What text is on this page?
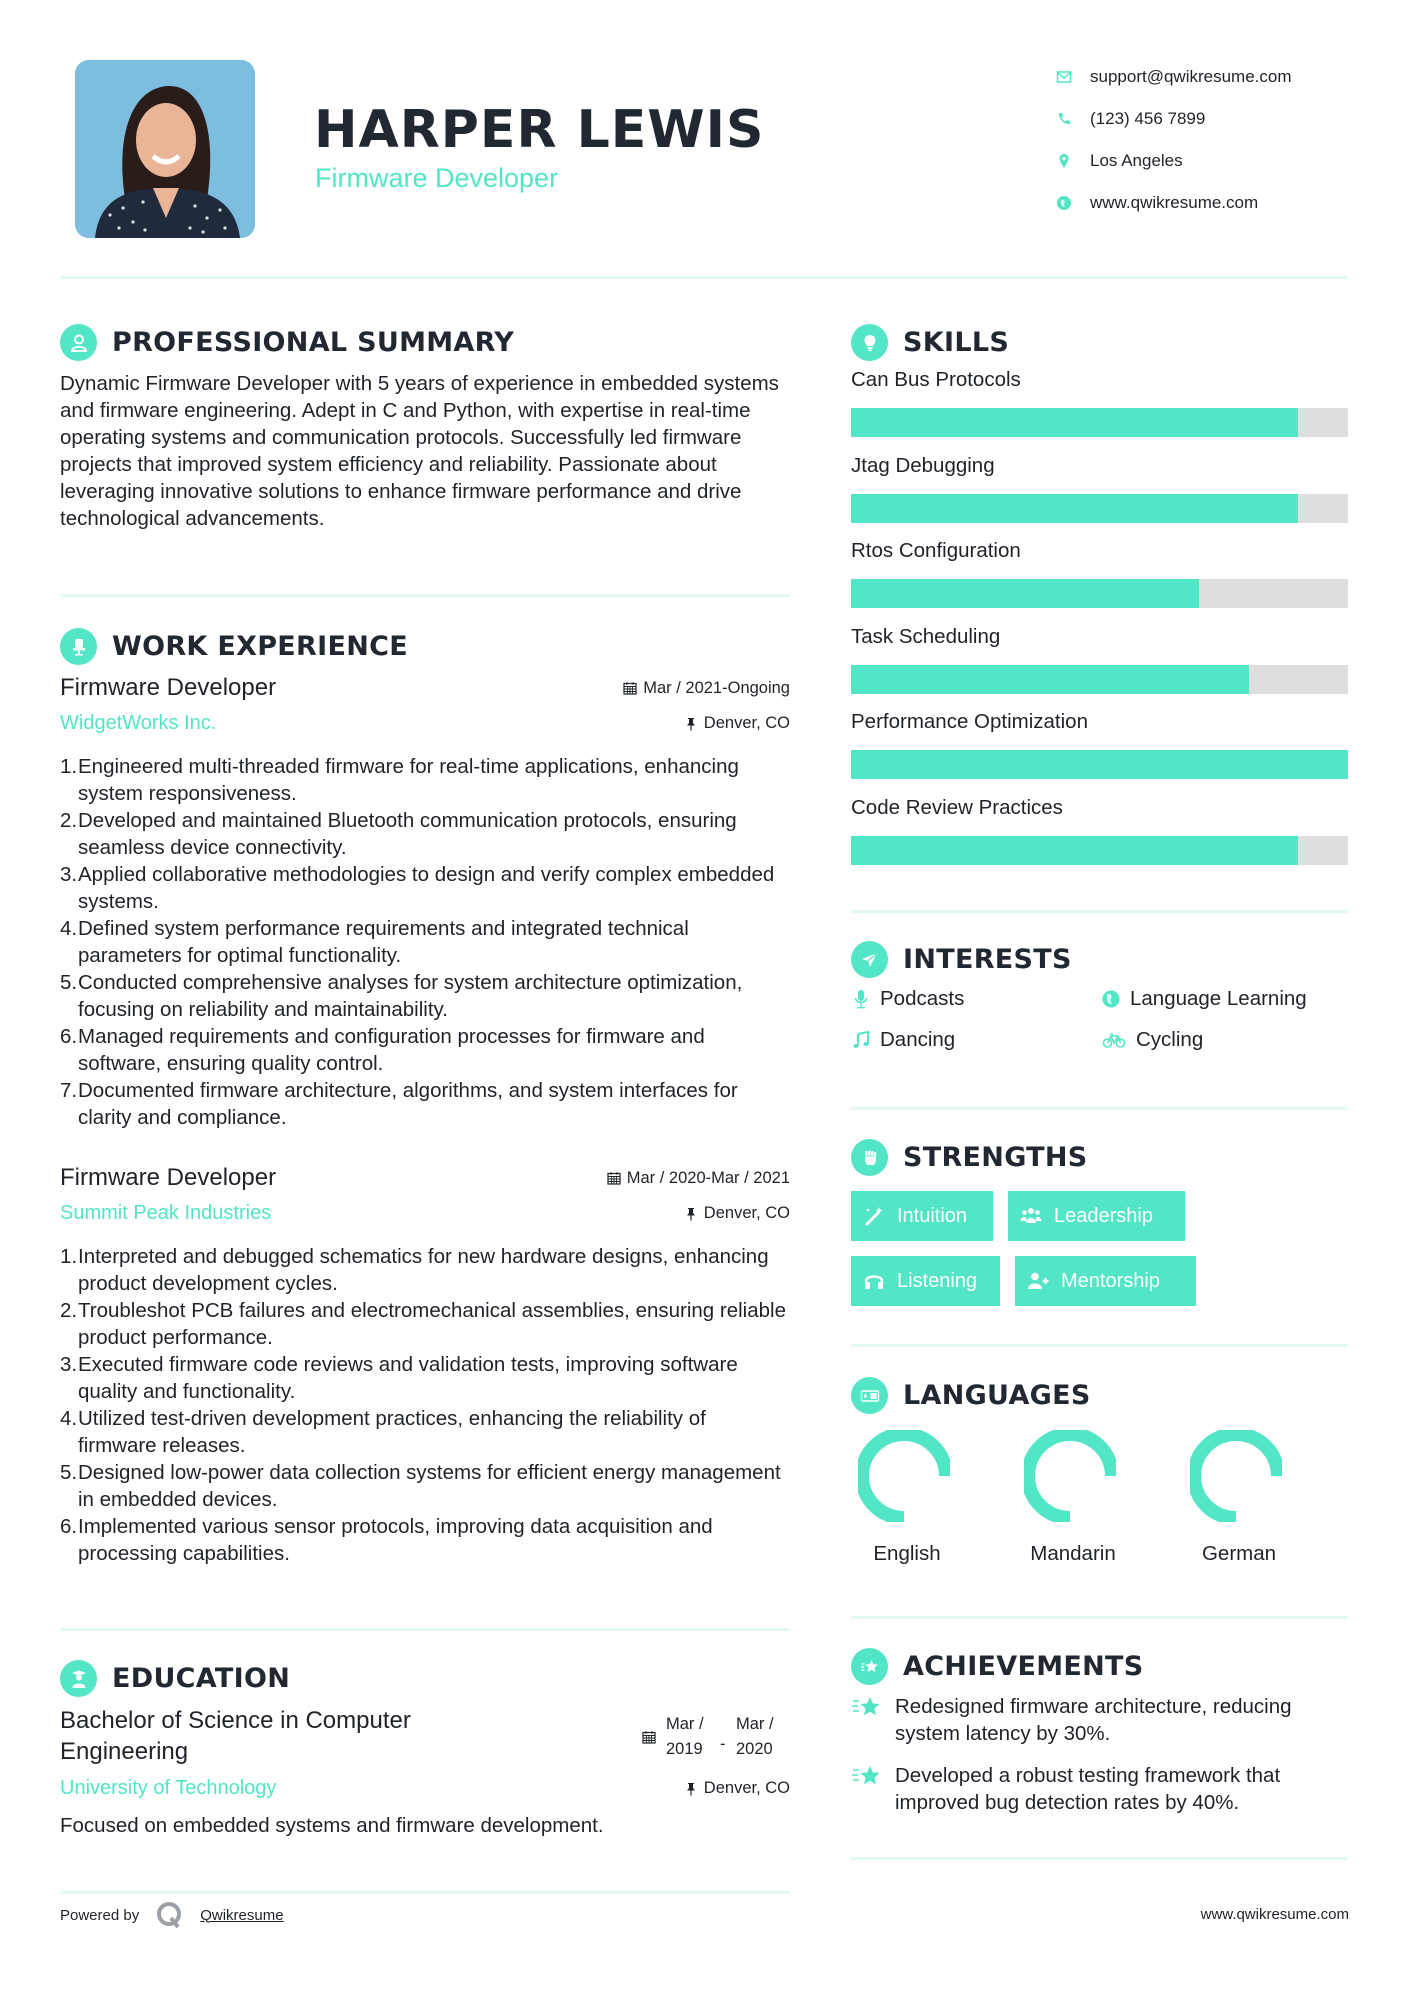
HARPER LEWIS
Firmware Developer
support@qwikresume.com
(123) 456 7899
Los Angeles
www.qwikresume.com
PROFESSIONAL SUMMARY
Dynamic Firmware Developer with 5 years of experience in embedded systems and firmware engineering. Adept in C and Python, with expertise in real-time operating systems and communication protocols. Successfully led firmware projects that improved system efficiency and reliability. Passionate about leveraging innovative solutions to enhance firmware performance and drive technological advancements.
WORK EXPERIENCE
Firmware Developer	Mar / 2021-Ongoing
WidgetWorks Inc.	Denver, CO
1. Engineered multi-threaded firmware for real-time applications, enhancing system responsiveness.
2. Developed and maintained Bluetooth communication protocols, ensuring seamless device connectivity.
3. Applied collaborative methodologies to design and verify complex embedded systems.
4. Defined system performance requirements and integrated technical parameters for optimal functionality.
5. Conducted comprehensive analyses for system architecture optimization, focusing on reliability and maintainability.
6. Managed requirements and configuration processes for firmware and software, ensuring quality control.
7. Documented firmware architecture, algorithms, and system interfaces for clarity and compliance.
Firmware Developer	Mar / 2020-Mar / 2021
Summit Peak Industries	Denver, CO
1. Interpreted and debugged schematics for new hardware designs, enhancing product development cycles.
2. Troubleshot PCB failures and electromechanical assemblies, ensuring reliable product performance.
3. Executed firmware code reviews and validation tests, improving software quality and functionality.
4. Utilized test-driven development practices, enhancing the reliability of firmware releases.
5. Designed low-power data collection systems for efficient energy management in embedded devices.
6. Implemented various sensor protocols, improving data acquisition and processing capabilities.
EDUCATION
Bachelor of Science in Computer Engineering
Mar /
2019	-
Mar /
2020
University of Technology	Denver, CO
Focused on embedded systems and firmware development.
Powered by	Qwikresume	www.qwikresume.com
SKILLS
Can Bus Protocols
Jtag Debugging
Rtos Configuration
Task Scheduling
Performance Optimization
Code Review Practices
INTERESTS
Podcasts	Language Learning
Dancing	Cycling
STRENGTHS
Intuition	Leadership
Listening	Mentorship
LANGUAGES
English	Mandarin	German
ACHIEVEMENTS
Redesigned firmware architecture, reducing system latency by 30%.
Developed a robust testing framework that improved bug detection rates by 40%.
